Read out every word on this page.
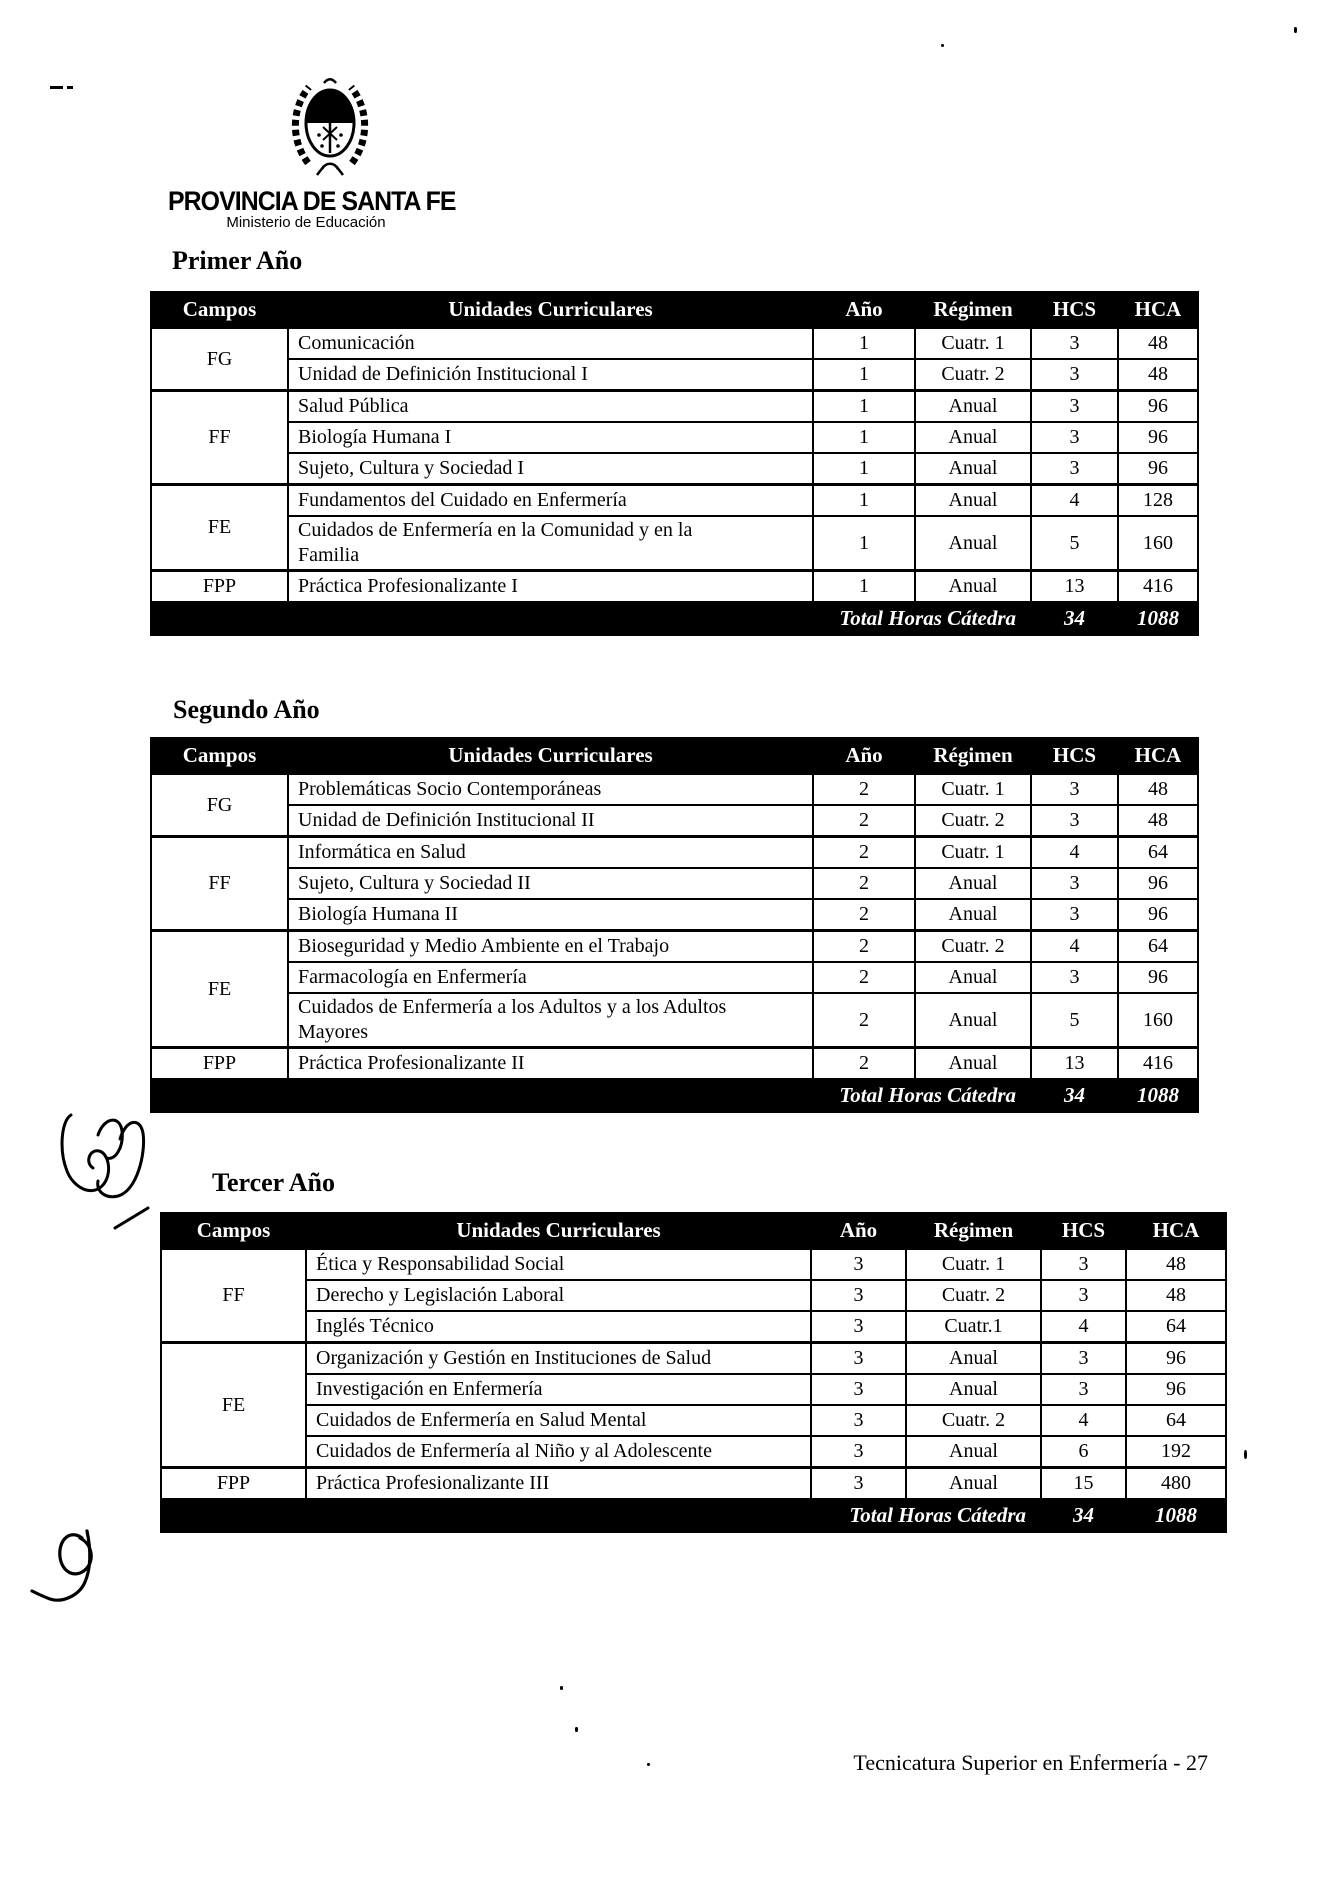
PROVINCIA DE SANTA FE
Ministerio de Educación
Primer Año
Segundo Año
Tercer Año
Campos	Unidades Curriculares	Año	Régimen	HCS	HCA
FG	Comunicación	1	Cuatr. 1	3	48
	Unidad de Definición Institucional I	1	Cuatr. 2	3	48
FF	Salud Pública	1	Anual	3	96
	Biología Humana I	1	Anual	3	96
	Sujeto, Cultura y Sociedad I	1	Anual	3	96
FE	Fundamentos del Cuidado en Enfermería	1	Anual	4	128
	Cuidados de Enfermería en la Comunidad y en la Familia	1	Anual	5	160
FPP	Práctica Profesionalizante I	1	Anual	13	416
Total Horas Cátedra				34	1088
Campos	Unidades Curriculares	Año	Régimen	HCS	HCA
FG	Problemáticas Socio Contemporáneas	2	Cuatr. 1	3	48
	Unidad de Definición Institucional II	2	Cuatr. 2	3	48
FF	Informática en Salud	2	Cuatr. 1	4	64
	Sujeto, Cultura y Sociedad II	2	Anual	3	96
	Biología Humana II	2	Anual	3	96
FE	Bioseguridad y Medio Ambiente en el Trabajo	2	Cuatr. 2	4	64
	Farmacología en Enfermería	2	Anual	3	96
	Cuidados de Enfermería a los Adultos y a los Adultos Mayores	2	Anual	5	160
FPP	Práctica Profesionalizante II	2	Anual	13	416
Total Horas Cátedra				34	1088
Campos	Unidades Curriculares	Año	Régimen	HCS	HCA
FF	Ética y Responsabilidad Social	3	Cuatr. 1	3	48
	Derecho y Legislación Laboral	3	Cuatr. 2	3	48
	Inglés Técnico	3	Cuatr.1	4	64
FE	Organización y Gestión en Instituciones de Salud	3	Anual	3	96
	Investigación en Enfermería	3	Anual	3	96
	Cuidados de Enfermería en Salud Mental	3	Cuatr. 2	4	64
	Cuidados de Enfermería al Niño y al Adolescente	3	Anual	6	192
FPP	Práctica Profesionalizante III	3	Anual	15	480
Total Horas Cátedra				34	1088
Tecnicatura Superior en Enfermería - 27
